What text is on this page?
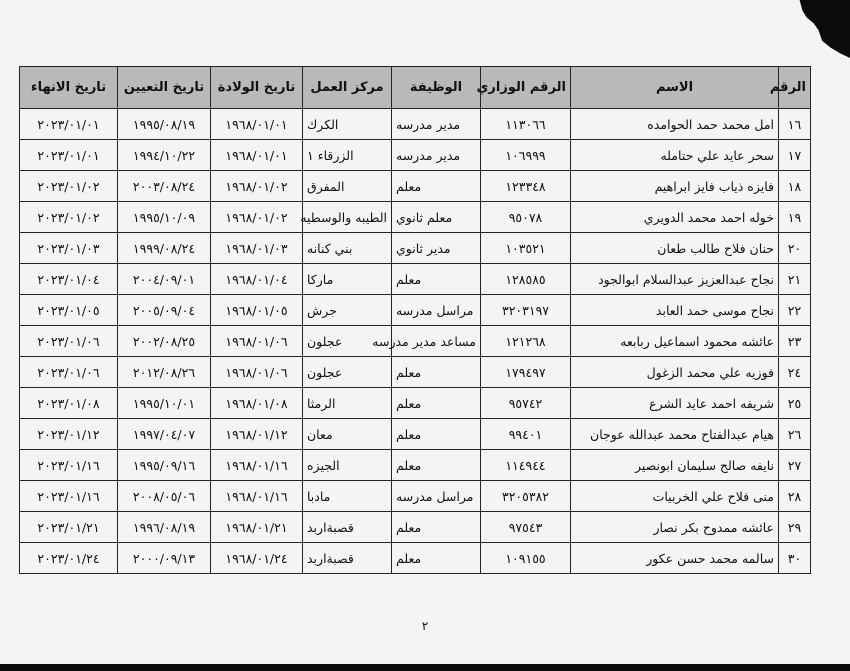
الرقم	الاسم	الرقم الوزاري	الوظيفة	مركز العمل	تاريخ الولادة	تاريخ التعيين	تاريخ الانهاء
١٦	امل محمد حمد الحوامده	١١٣٠٦٦	مدير مدرسه	الكرك	١٩٦٨/٠١/٠١	١٩٩٥/٠٨/١٩	٢٠٢٣/٠١/٠١
١٧	سحر عايد علي حتامله	١٠٦٩٩٩	مدير مدرسه	الزرقاء ١	١٩٦٨/٠١/٠١	١٩٩٤/١٠/٢٢	٢٠٢٣/٠١/٠١
١٨	فايزه ذياب فايز ابراهيم	١٢٣٣٤٨	معلم	المفرق	١٩٦٨/٠١/٠٢	٢٠٠٣/٠٨/٢٤	٢٠٢٣/٠١/٠٢
١٩	خوله احمد محمد الدويري	٩٥٠٧٨	معلم ثانوي	الطيبه والوسطيه	١٩٦٨/٠١/٠٢	١٩٩٥/١٠/٠٩	٢٠٢٣/٠١/٠٢
٢٠	حنان فلاح طالب طعان	١٠٣٥٢١	مدير ثانوي	بني كنانه	١٩٦٨/٠١/٠٣	١٩٩٩/٠٨/٢٤	٢٠٢٣/٠١/٠٣
٢١	نجاح عبدالعزيز عبدالسلام ابوالجود	١٢٨٥٨٥	معلم	ماركا	١٩٦٨/٠١/٠٤	٢٠٠٤/٠٩/٠١	٢٠٢٣/٠١/٠٤
٢٢	نجاح موسى حمد العابد	٣٢٠٣١٩٧	مراسل مدرسه	جرش	١٩٦٨/٠١/٠٥	٢٠٠٥/٠٩/٠٤	٢٠٢٣/٠١/٠٥
٢٣	عائشه محمود اسماعيل ربابعه	١٢١٢٦٨	مساعد مدير مدرسه	عجلون	١٩٦٨/٠١/٠٦	٢٠٠٢/٠٨/٢٥	٢٠٢٣/٠١/٠٦
٢٤	فوزيه علي محمد الزغول	١٧٩٤٩٧	معلم	عجلون	١٩٦٨/٠١/٠٦	٢٠١٢/٠٨/٢٦	٢٠٢٣/٠١/٠٦
٢٥	شريفه احمد عايد الشرع	٩٥٧٤٢	معلم	الرمثا	١٩٦٨/٠١/٠٨	١٩٩٥/١٠/٠١	٢٠٢٣/٠١/٠٨
٢٦	هيام عبدالفتاح محمد عبدالله عوجان	٩٩٤٠١	معلم	معان	١٩٦٨/٠١/١٢	١٩٩٧/٠٤/٠٧	٢٠٢٣/٠١/١٢
٢٧	نايفه صالح سليمان ابونصير	١١٤٩٤٤	معلم	الجيزه	١٩٦٨/٠١/١٦	١٩٩٥/٠٩/١٦	٢٠٢٣/٠١/١٦
٢٨	منى فلاح علي الخربيات	٣٢٠٥٣٨٢	مراسل مدرسه	مادبا	١٩٦٨/٠١/١٦	٢٠٠٨/٠٥/٠٦	٢٠٢٣/٠١/١٦
٢٩	عائشه ممدوح بكر نصار	٩٧٥٤٣	معلم	قصبةاربد	١٩٦٨/٠١/٢١	١٩٩٦/٠٨/١٩	٢٠٢٣/٠١/٢١
٣٠	سالمه محمد حسن عكور	١٠٩١٥٥	معلم	قصبةاربد	١٩٦٨/٠١/٢٤	٢٠٠٠/٠٩/١٣	٢٠٢٣/٠١/٢٤
٢
